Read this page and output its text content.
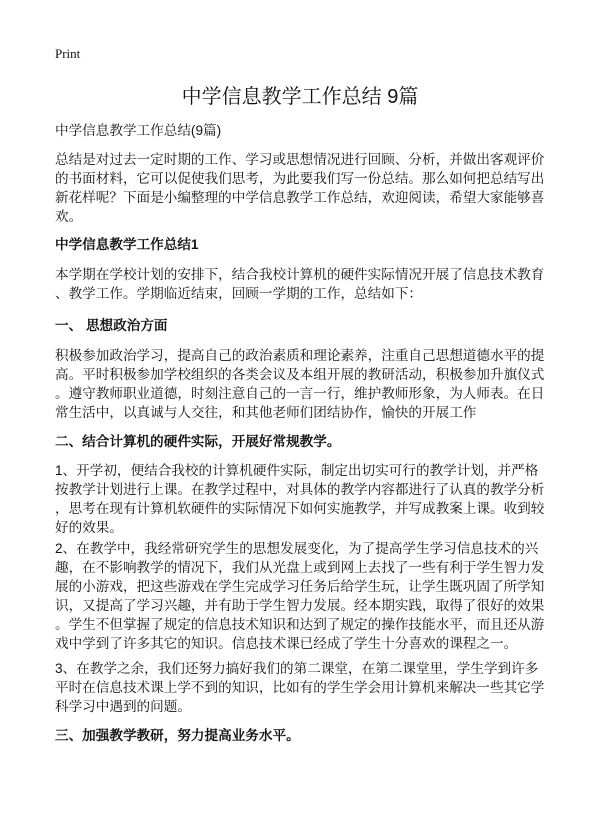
Print
中学信息教学工作总结 9篇
中学信息教学工作总结(9篇)
总结是对过去一定时期的工作、学习或思想情况进行回顾、分析，并做出客观评价
的书面材料，它可以促使我们思考，为此要我们写一份总结。那么如何把总结写出
新花样呢？下面是小编整理的中学信息教学工作总结，欢迎阅读，希望大家能够喜
欢。
中学信息教学工作总结1
本学期在学校计划的安排下，结合我校计算机的硬件实际情况开展了信息技术教育
、教学工作。学期临近结束，回顾一学期的工作，总结如下：
一、 思想政治方面
积极参加政治学习，提高自己的政治素质和理论素养，注重自己思想道德水平的提
高。平时积极参加学校组织的各类会议及本组开展的教研活动，积极参加升旗仪式
。遵守教师职业道德，时刻注意自己的一言一行，维护教师形象，为人师表。在日
常生活中，以真诚与人交往，和其他老师们团结协作，愉快的开展工作
二、结合计算机的硬件实际，开展好常规教学。
1、开学初，便结合我校的计算机硬件实际，制定出切实可行的教学计划，并严格
按教学计划进行上课。在教学过程中，对具体的教学内容都进行了认真的教学分析
，思考在现有计算机软硬件的实际情况下如何实施教学，并写成教案上课。收到较
好的效果。
2、在教学中，我经常研究学生的思想发展变化，为了提高学生学习信息技术的兴
趣，在不影响教学的情况下，我们从光盘上或到网上去找了一些有利于学生智力发
展的小游戏，把这些游戏在学生完成学习任务后给学生玩，让学生既巩固了所学知
识，又提高了学习兴趣，并有助于学生智力发展。经本期实践，取得了很好的效果
。学生不但掌握了规定的信息技术知识和达到了规定的操作技能水平，而且还从游
戏中学到了许多其它的知识。信息技术课已经成了学生十分喜欢的课程之一。
3、在教学之余，我们还努力搞好我们的第二课堂，在第二课堂里，学生学到许多
平时在信息技术课上学不到的知识，比如有的学生学会用计算机来解决一些其它学
科学习中遇到的问题。
三、加强教学教研，努力提高业务水平。
